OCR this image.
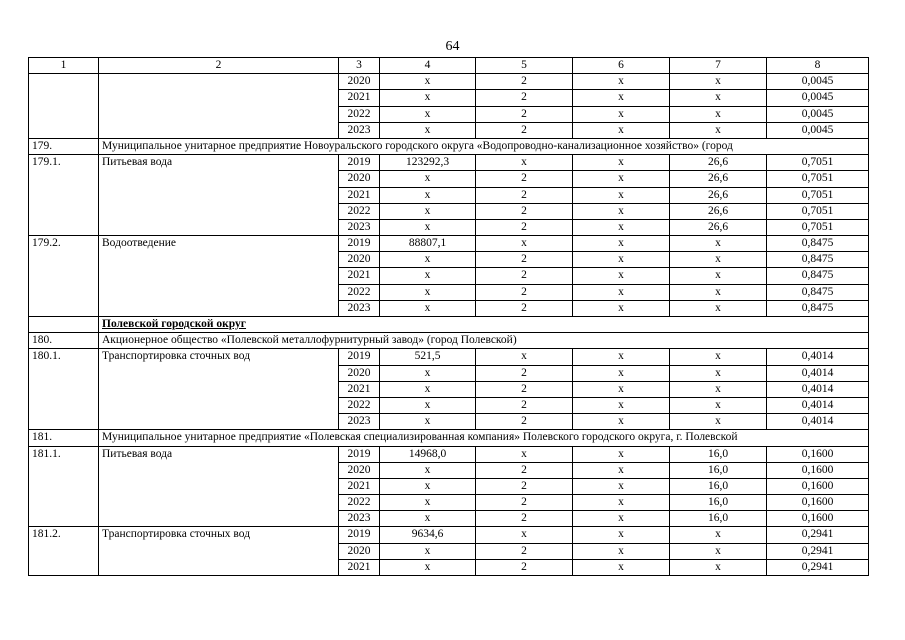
64
1	2	3	4	5	6	7	8
		2020	х	2	х	х	0,0045
		2021	х	2	х	х	0,0045
		2022	х	2	х	х	0,0045
		2023	х	2	х	х	0,0045
179.	Муниципальное унитарное предприятие Новоуральского городского округа «Водопроводно-канализационное хозяйство» (город						
179.1.	Питьевая вода	2019	123292,3	х	х	26,6	0,7051
		2020	х	2	х	26,6	0,7051
		2021	х	2	х	26,6	0,7051
		2022	х	2	х	26,6	0,7051
		2023	х	2	х	26,6	0,7051
179.2.	Водоотведение	2019	88807,1	х	х	х	0,8475
		2020	х	2	х	х	0,8475
		2021	х	2	х	х	0,8475
		2022	х	2	х	х	0,8475
		2023	х	2	х	х	0,8475
	Полевской городской округ						
180.	Акционерное общество «Полевской металлофурнитурный завод» (город Полевской)						
180.1.	Транспортировка сточных вод	2019	521,5	х	х	х	0,4014
		2020	х	2	х	х	0,4014
		2021	х	2	х	х	0,4014
		2022	х	2	х	х	0,4014
		2023	х	2	х	х	0,4014
181.	Муниципальное унитарное предприятие «Полевская специализированная компания» Полевского городского округа, г. Полевской						
181.1.	Питьевая вода	2019	14968,0	х	х	16,0	0,1600
		2020	х	2	х	16,0	0,1600
		2021	х	2	х	16,0	0,1600
		2022	х	2	х	16,0	0,1600
		2023	х	2	х	16,0	0,1600
181.2.	Транспортировка сточных вод	2019	9634,6	х	х	х	0,2941
		2020	х	2	х	х	0,2941
		2021	х	2	х	х	0,2941
